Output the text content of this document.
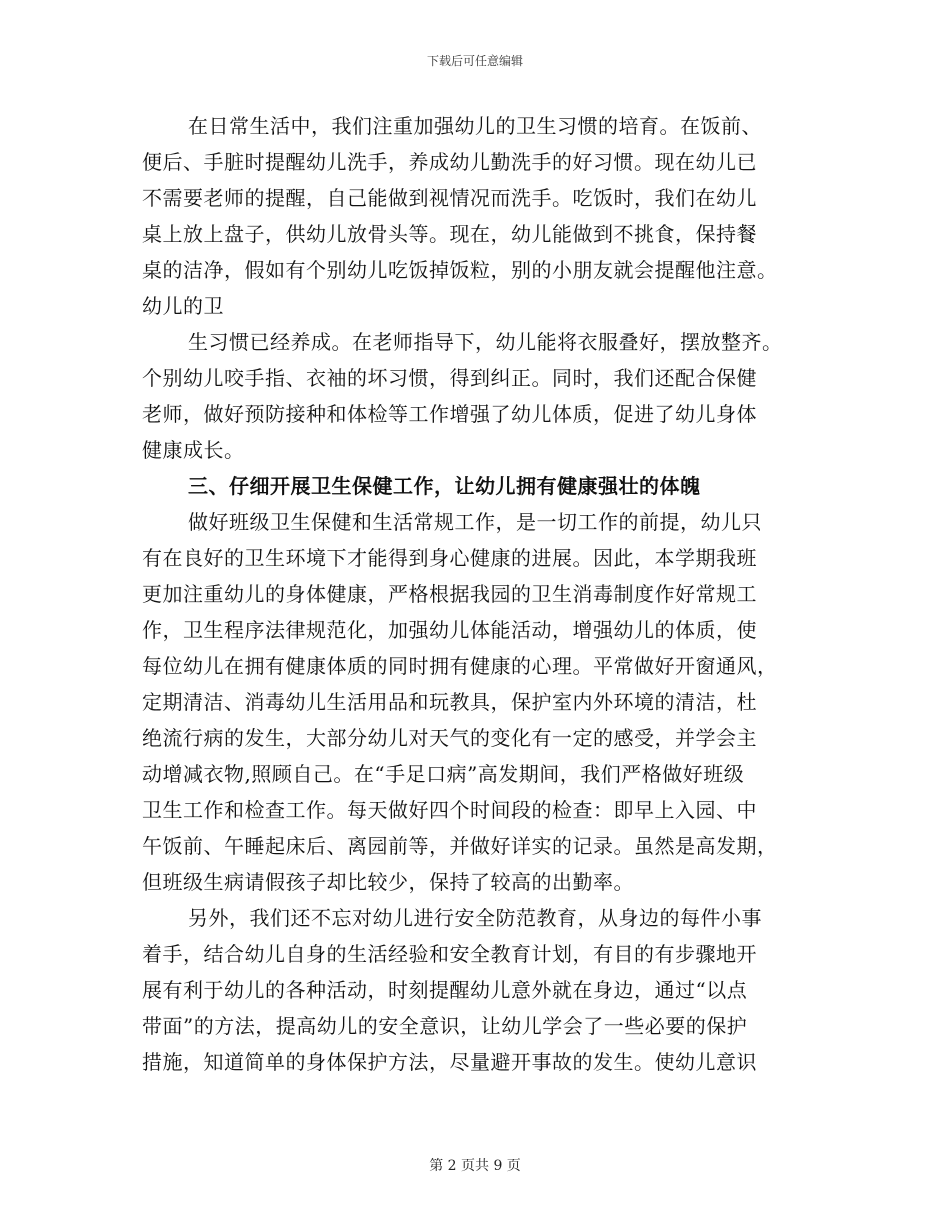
下载后可任意编辑
在日常生活中，我们注重加强幼儿的卫生习惯的培育。在饭前、
便后、手脏时提醒幼儿洗手，养成幼儿勤洗手的好习惯。现在幼儿已
不需要老师的提醒，自己能做到视情况而洗手。吃饭时，我们在幼儿
桌上放上盘子，供幼儿放骨头等。现在，幼儿能做到不挑食，保持餐
桌的洁净，假如有个别幼儿吃饭掉饭粒，别的小朋友就会提醒他注意。
幼儿的卫
生习惯已经养成。在老师指导下，幼儿能将衣服叠好，摆放整齐。
个别幼儿咬手指、衣袖的坏习惯，得到纠正。同时，我们还配合保健
老师，做好预防接种和体检等工作增强了幼儿体质，促进了幼儿身体
健康成长。
三、仔细开展卫生保健工作，让幼儿拥有健康强壮的体魄
做好班级卫生保健和生活常规工作，是一切工作的前提，幼儿只
有在良好的卫生环境下才能得到身心健康的进展。因此，本学期我班
更加注重幼儿的身体健康，严格根据我园的卫生消毒制度作好常规工
作，卫生程序法律规范化，加强幼儿体能活动，增强幼儿的体质，使
每位幼儿在拥有健康体质的同时拥有健康的心理。平常做好开窗通风，
定期清洁、消毒幼儿生活用品和玩教具，保护室内外环境的清洁，杜
绝流行病的发生，大部分幼儿对天气的变化有一定的感受，并学会主
动增减衣物,照顾自己。在“手足口病”高发期间，我们严格做好班级
卫生工作和检查工作。每天做好四个时间段的检查：即早上入园、中
午饭前、午睡起床后、离园前等，并做好详实的记录。虽然是高发期，
但班级生病请假孩子却比较少，保持了较高的出勤率。
另外，我们还不忘对幼儿进行安全防范教育，从身边的每件小事
着手，结合幼儿自身的生活经验和安全教育计划，有目的有步骤地开
展有利于幼儿的各种活动，时刻提醒幼儿意外就在身边，通过“以点
带面”的方法，提高幼儿的安全意识，让幼儿学会了一些必要的保护
措施，知道简单的身体保护方法，尽量避开事故的发生。使幼儿意识
第 2 页共 9 页
